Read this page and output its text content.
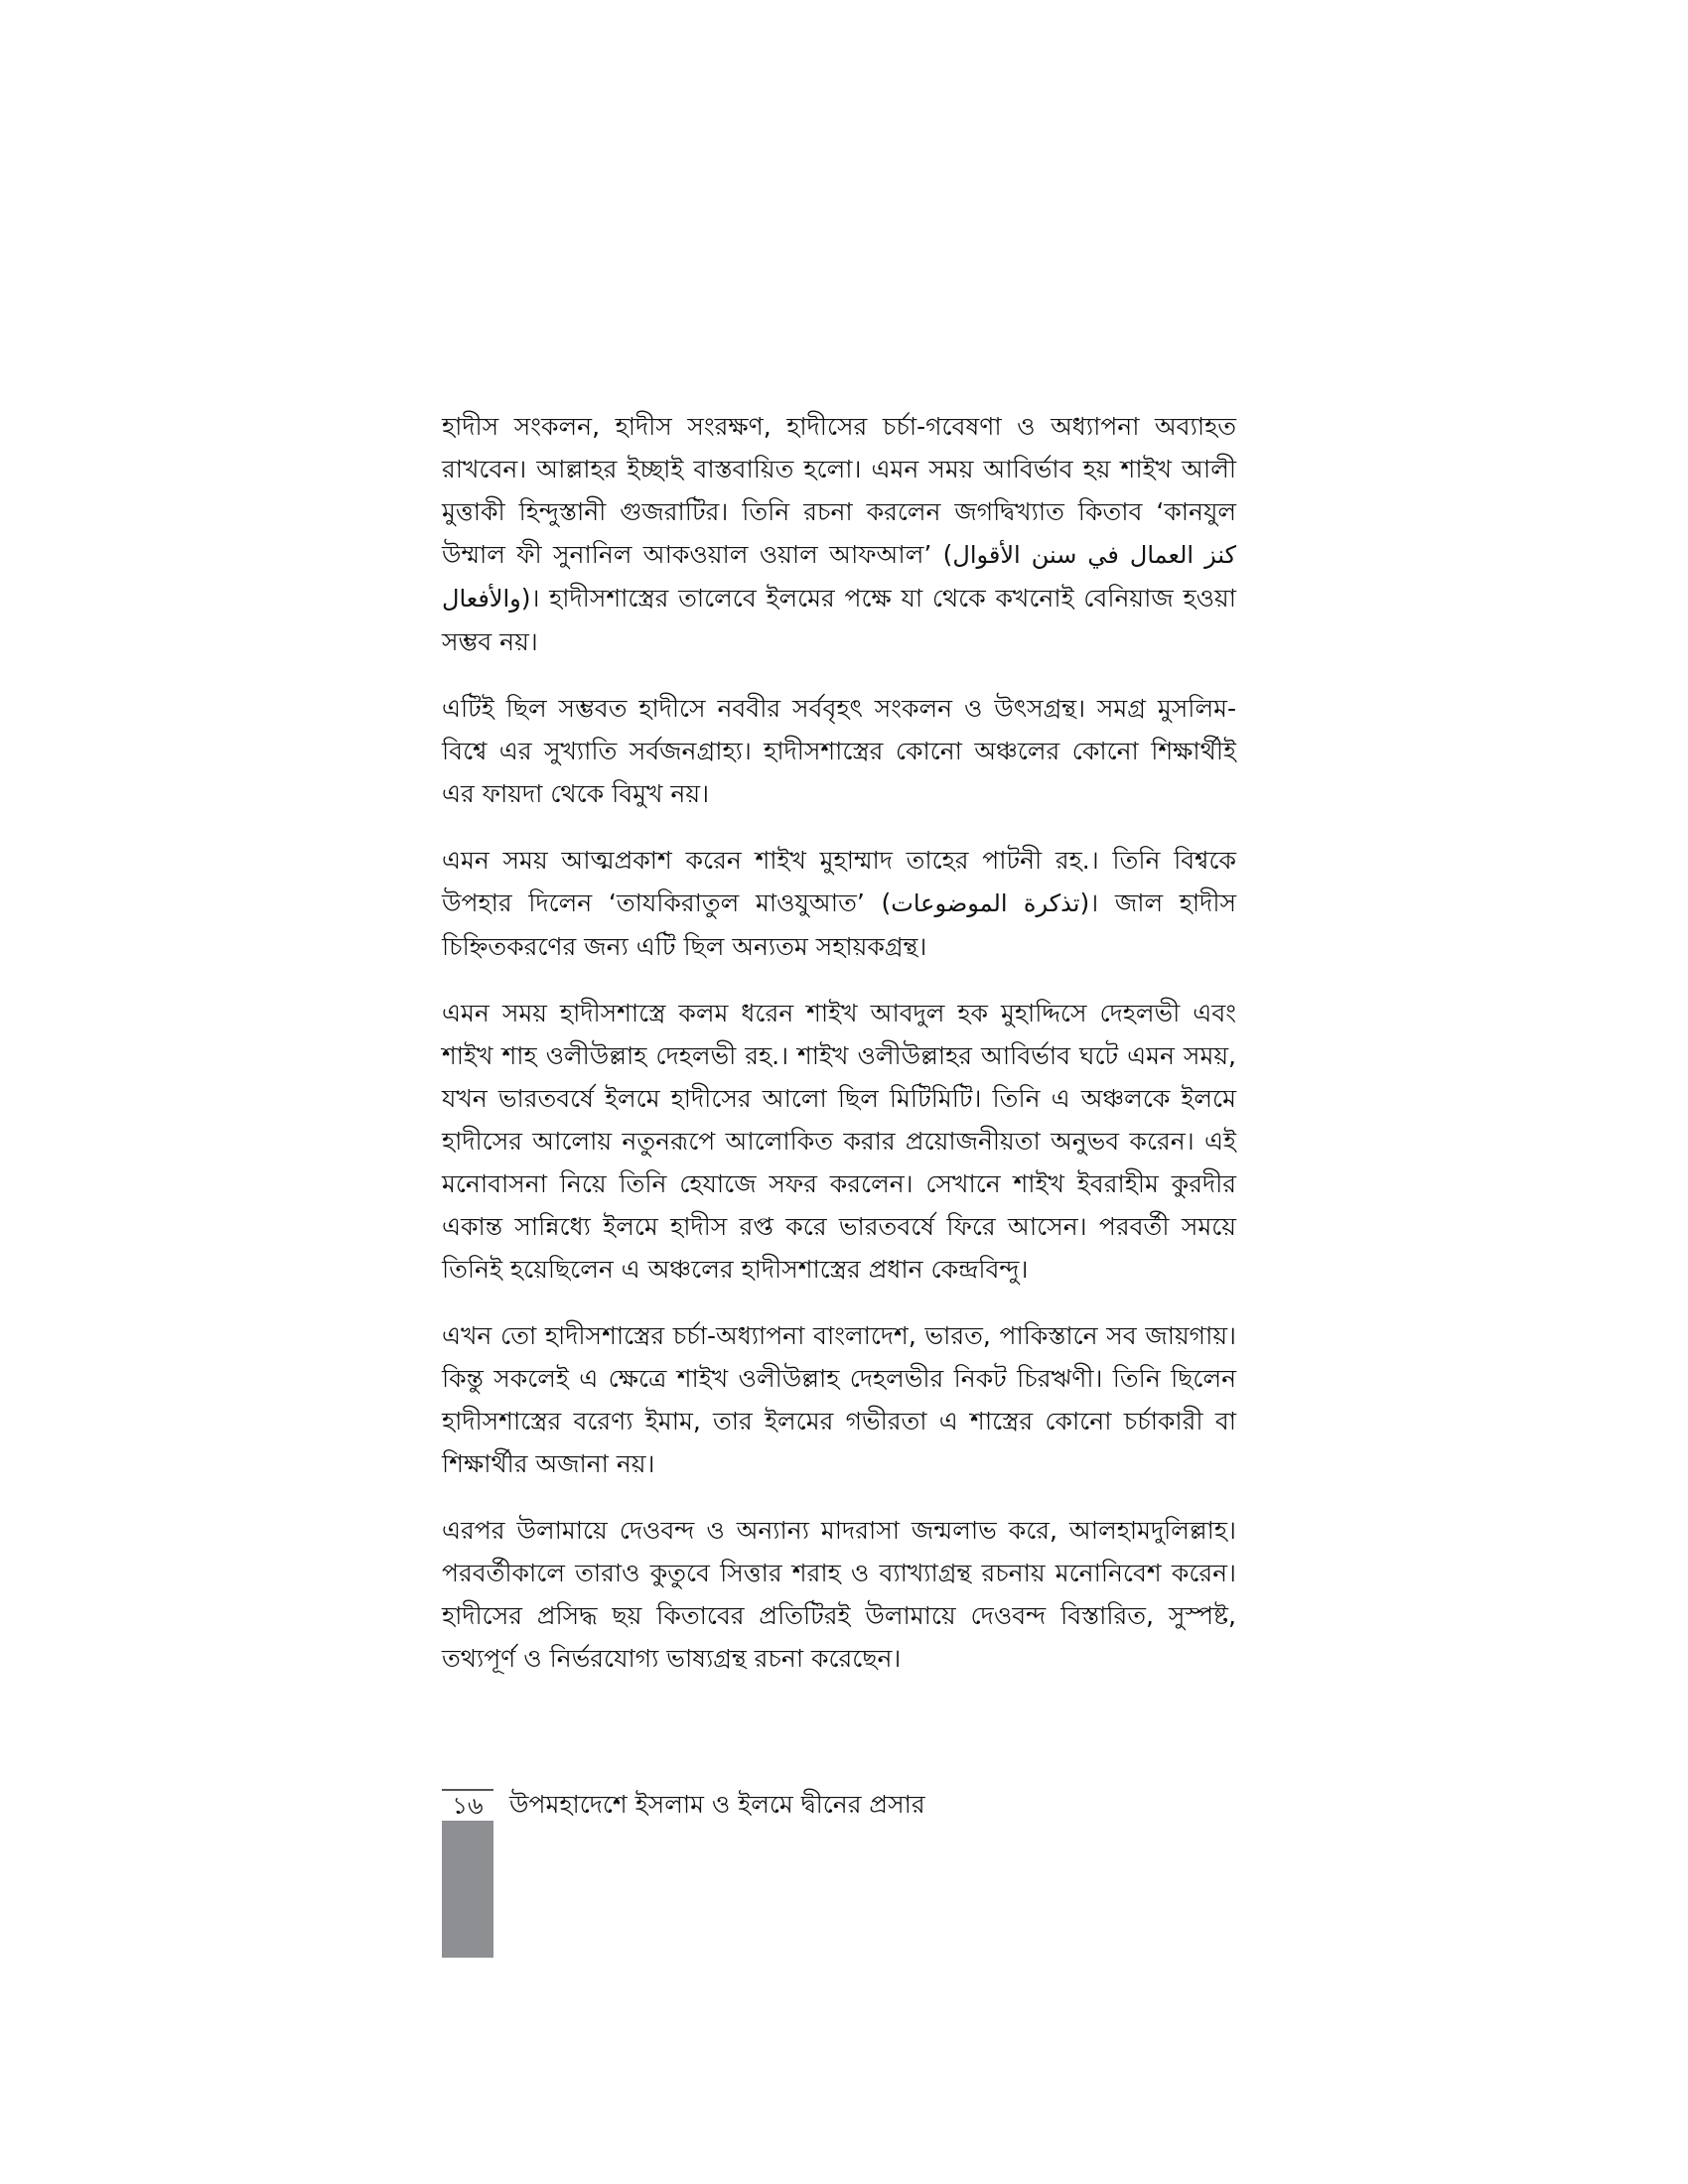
হাদীস সংকলন, হাদীস সংরক্ষণ, হাদীসের চর্চা-গবেষণা ও অধ্যাপনা অব্যাহত রাখবেন। আল্লাহর ইচ্ছাই বাস্তবায়িত হলো। এমন সময় আবির্ভাব হয় শাইখ আলী মুত্তাকী হিন্দুস্তানী গুজরাটির। তিনি রচনা করলেন জগদ্বিখ্যাত কিতাব ‘কানযুল উম্মাল ফী সুনানিল আকওয়াল ওয়াল আফআল’ (كنز العمال في سنن الأقوال والأفعال)। হাদীসশাস্ত্রের তালেবে ইলমের পক্ষে যা থেকে কখনোই বেনিয়াজ হওয়া সম্ভব নয়।

এটিই ছিল সম্ভবত হাদীসে নববীর সর্ববৃহৎ সংকলন ও উৎসগ্রন্থ। সমগ্র মুসলিম-বিশ্বে এর সুখ্যাতি সর্বজনগ্রাহ্য। হাদীসশাস্ত্রের কোনো অঞ্চলের কোনো শিক্ষার্থীই এর ফায়দা থেকে বিমুখ নয়।

এমন সময় আত্মপ্রকাশ করেন শাইখ মুহাম্মাদ তাহের পাটনী রহ.। তিনি বিশ্বকে উপহার দিলেন ‘তাযকিরাতুল মাওযুআত’ (تذكرة الموضوعات)। জাল হাদীস চিহ্নিতকরণের জন্য এটি ছিল অন্যতম সহায়কগ্রন্থ।

এমন সময় হাদীসশাস্ত্রে কলম ধরেন শাইখ আবদুল হক মুহাদ্দিসে দেহলভী এবং শাইখ শাহ ওলীউল্লাহ দেহলভী রহ.। শাইখ ওলীউল্লাহর আবির্ভাব ঘটে এমন সময়, যখন ভারতবর্ষে ইলমে হাদীসের আলো ছিল মিটিমিটি। তিনি এ অঞ্চলকে ইলমে হাদীসের আলোয় নতুনরূপে আলোকিত করার প্রয়োজনীয়তা অনুভব করেন। এই মনোবাসনা নিয়ে তিনি হেযাজে সফর করলেন। সেখানে শাইখ ইবরাহীম কুরদীর একান্ত সান্নিধ্যে ইলমে হাদীস রপ্ত করে ভারতবর্ষে ফিরে আসেন। পরবর্তী সময়ে তিনিই হয়েছিলেন এ অঞ্চলের হাদীসশাস্ত্রের প্রধান কেন্দ্রবিন্দু।

এখন তো হাদীসশাস্ত্রের চর্চা-অধ্যাপনা বাংলাদেশ, ভারত, পাকিস্তানে সব জায়গায়। কিন্তু সকলেই এ ক্ষেত্রে শাইখ ওলীউল্লাহ দেহলভীর নিকট চিরঋণী। তিনি ছিলেন হাদীসশাস্ত্রের বরেণ্য ইমাম, তার ইলমের গভীরতা এ শাস্ত্রের কোনো চর্চাকারী বা শিক্ষার্থীর অজানা নয়।

এরপর উলামায়ে দেওবন্দ ও অন্যান্য মাদরাসা জন্মলাভ করে, আলহামদুলিল্লাহ। পরবর্তীকালে তারাও কুতুবে সিত্তার শরাহ ও ব্যাখ্যাগ্রন্থ রচনায় মনোনিবেশ করেন। হাদীসের প্রসিদ্ধ ছয় কিতাবের প্রতিটিরই উলামায়ে দেওবন্দ বিস্তারিত, সুস্পষ্ট, তথ্যপূর্ণ ও নির্ভরযোগ্য ভাষ্যগ্রন্থ রচনা করেছেন।

১৬	উপমহাদেশে ইসলাম ও ইলমে দ্বীনের প্রসার
